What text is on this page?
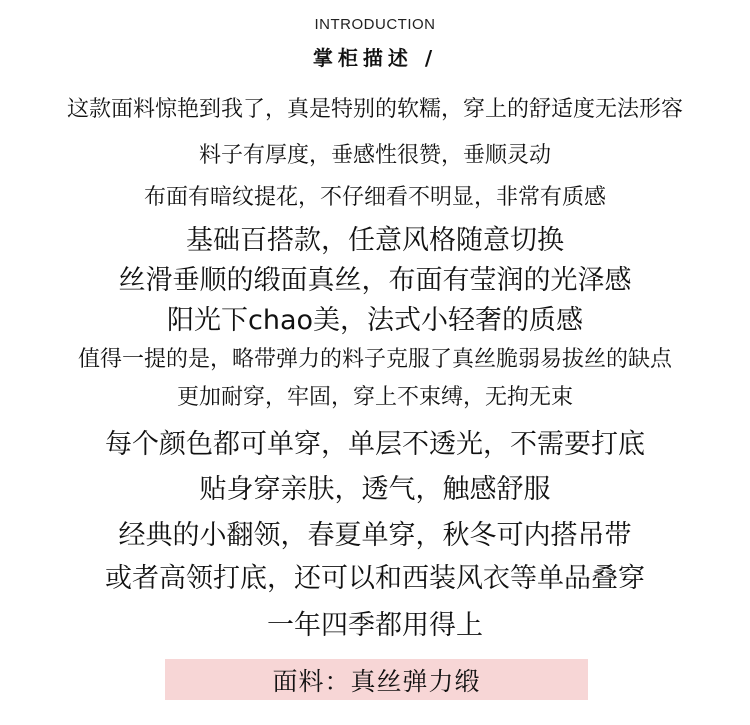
INTRODUCTION
掌柜描述 /
这款面料惊艳到我了，真是特别的软糯，穿上的舒适度无法形容
料子有厚度，垂感性很赞，垂顺灵动
布面有暗纹提花，不仔细看不明显，非常有质感
基础百搭款，任意风格随意切换
丝滑垂顺的缎面真丝，布面有莹润的光泽感
阳光下chao美，法式小轻奢的质感
值得一提的是，略带弹力的料子克服了真丝脆弱易拔丝的缺点
更加耐穿，牢固，穿上不束缚，无拘无束
每个颜色都可单穿，单层不透光，不需要打底
贴身穿亲肤，透气，触感舒服
经典的小翻领，春夏单穿，秋冬可内搭吊带
或者高领打底，还可以和西装风衣等单品叠穿
一年四季都用得上
面料：真丝弹力缎
